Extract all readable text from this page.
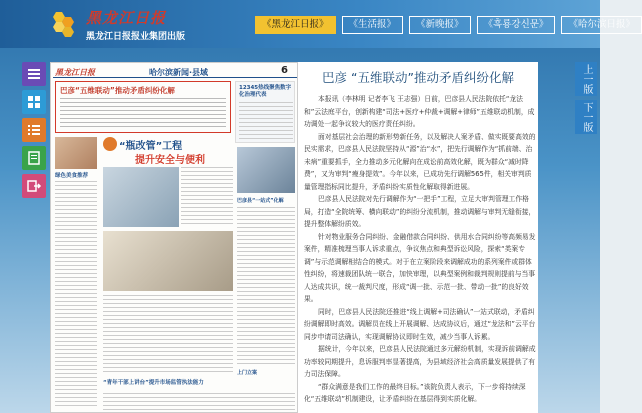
黑龙江日报
黑龙江日报报业集团出版
《黑龙江日报》	《生活报》	《新晚报》	《흑룡강신문》	《哈尔滨日报》
黑龙江日报	哈尔滨新闻·县域	6
巴彦“五维联动”推动矛盾纠纷化解	12345热线聚焦数字化治理代表
绿色美食推荐
“瓶改管”工程
提升安全与便利
巴彦县“一站式”化解
上门立案
“青年干部上讲台”提升市场监管执法能力
巴彦 “五维联动”推动矛盾纠纷化解

本报讯（李林明 记者李飞 王志强）日前，巴彦县人民法院依托“龙法和”云法庭平台，创新构建“司法+医疗+仲裁+调解+律师”五维联动机制，成功调处一起争议较大的医疗责任纠纷。

面对基层社会治理的新形势新任务，以及解决人案矛盾、做实既要高效的民实需求，巴彦县人民法院坚持从“源”治“水”，把先行调解作为“抓前端、治未病”重要抓手，全力推动多元化解向在成讼前高效化解，既为群众“减时降费”，又为审判“瘦身提效”。今年以来，已成功先行调解565件，相关审判质量管理指标同比提升，矛盾纠纷实质性化解取得新进展。

巴彦县人民法院对先行调解作为“一把手”工程，立足大审判管理工作格局，打造“全院统筹、横向联动”的纠纷分流机制，推动调解与审判无缝衔接，提升整体解纷质效。

针对物业服务合同纠纷、金融借款合同纠纷、供用水合同纠纷等高频易发案件，精准梳理当事人诉求重点，争议焦点和典型诉讼风险，探索“类案专调”与示范调解相结合的模式。对于在立案阶段来调解成功的系列案件或群体性纠纷，将速裁团队统一联合，加快审理，以典型案例和裁判规则提前与当事人达成共识，统一裁判尺度，形成“调一批、示范一批、带动一批”的良好效果。

同时，巴彦县人民法院还推进“线上调解+司法确认”一站式联动，矛盾纠纷调解即时高效。调解员在线上开展调解、达成协议后，通过“龙法和”云平台同步申请司法确认，实现调解协议即时生效，减少当事人诉累。

据统计，今年以来，巴彦县人民法院通过多元解纷机制，实现诉前调解成功率较同期提升，息诉服判率显著提高，为县域经济社会高质量发展提供了有力司法保障。

“群众满意是我们工作的最终目标。”该院负责人表示，下一步将持续深化“五维联动”机制建设，让矛盾纠纷在基层得到实质化解。

上一版
下一版
